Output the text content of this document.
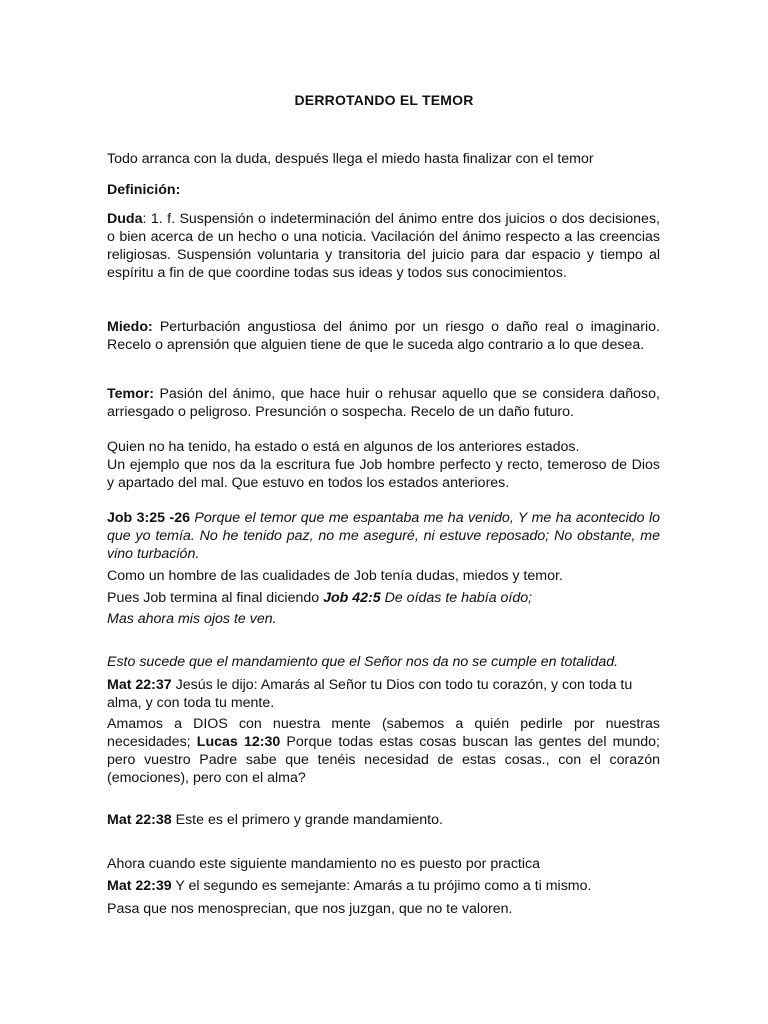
DERROTANDO EL TEMOR
Todo arranca con la duda, después llega el miedo hasta finalizar con el temor
Definición:
Duda: 1. f. Suspensión o indeterminación del ánimo entre dos juicios o dos decisiones, o bien acerca de un hecho o una noticia. Vacilación del ánimo respecto a las creencias religiosas. Suspensión voluntaria y transitoria del juicio para dar espacio y tiempo al espíritu a fin de que coordine todas sus ideas y todos sus conocimientos.
Miedo: Perturbación angustiosa del ánimo por un riesgo o daño real o imaginario. Recelo o aprensión que alguien tiene de que le suceda algo contrario a lo que desea.
Temor: Pasión del ánimo, que hace huir o rehusar aquello que se considera dañoso, arriesgado o peligroso. Presunción o sospecha. Recelo de un daño futuro.
Quien no ha tenido, ha estado o está en algunos de los anteriores estados.
Un ejemplo que nos da la escritura fue Job hombre perfecto y recto, temeroso de Dios y apartado del mal. Que estuvo en todos los estados anteriores.
Job 3:25 -26 Porque el temor que me espantaba me ha venido, Y me ha acontecido lo que yo temía. No he tenido paz, no me aseguré, ni estuve reposado; No obstante, me vino turbación.
Como un hombre de las cualidades de Job tenía dudas, miedos y temor.
Pues Job termina al final diciendo Job 42:5 De oídas te había oído;
Mas ahora mis ojos te ven.
Esto sucede que el mandamiento que el Señor nos da no se cumple en totalidad.
Mat 22:37 Jesús le dijo: Amarás al Señor tu Dios con todo tu corazón, y con toda tu alma, y con toda tu mente.
Amamos a DIOS con nuestra mente (sabemos a quién pedirle por nuestras necesidades; Lucas 12:30 Porque todas estas cosas buscan las gentes del mundo; pero vuestro Padre sabe que tenéis necesidad de estas cosas., con el corazón (emociones), pero con el alma?
Mat 22:38 Este es el primero y grande mandamiento.
Ahora cuando este siguiente mandamiento no es puesto por practica
Mat 22:39 Y el segundo es semejante: Amarás a tu prójimo como a ti mismo.
Pasa que nos menosprecian, que nos juzgan, que no te valoren.
